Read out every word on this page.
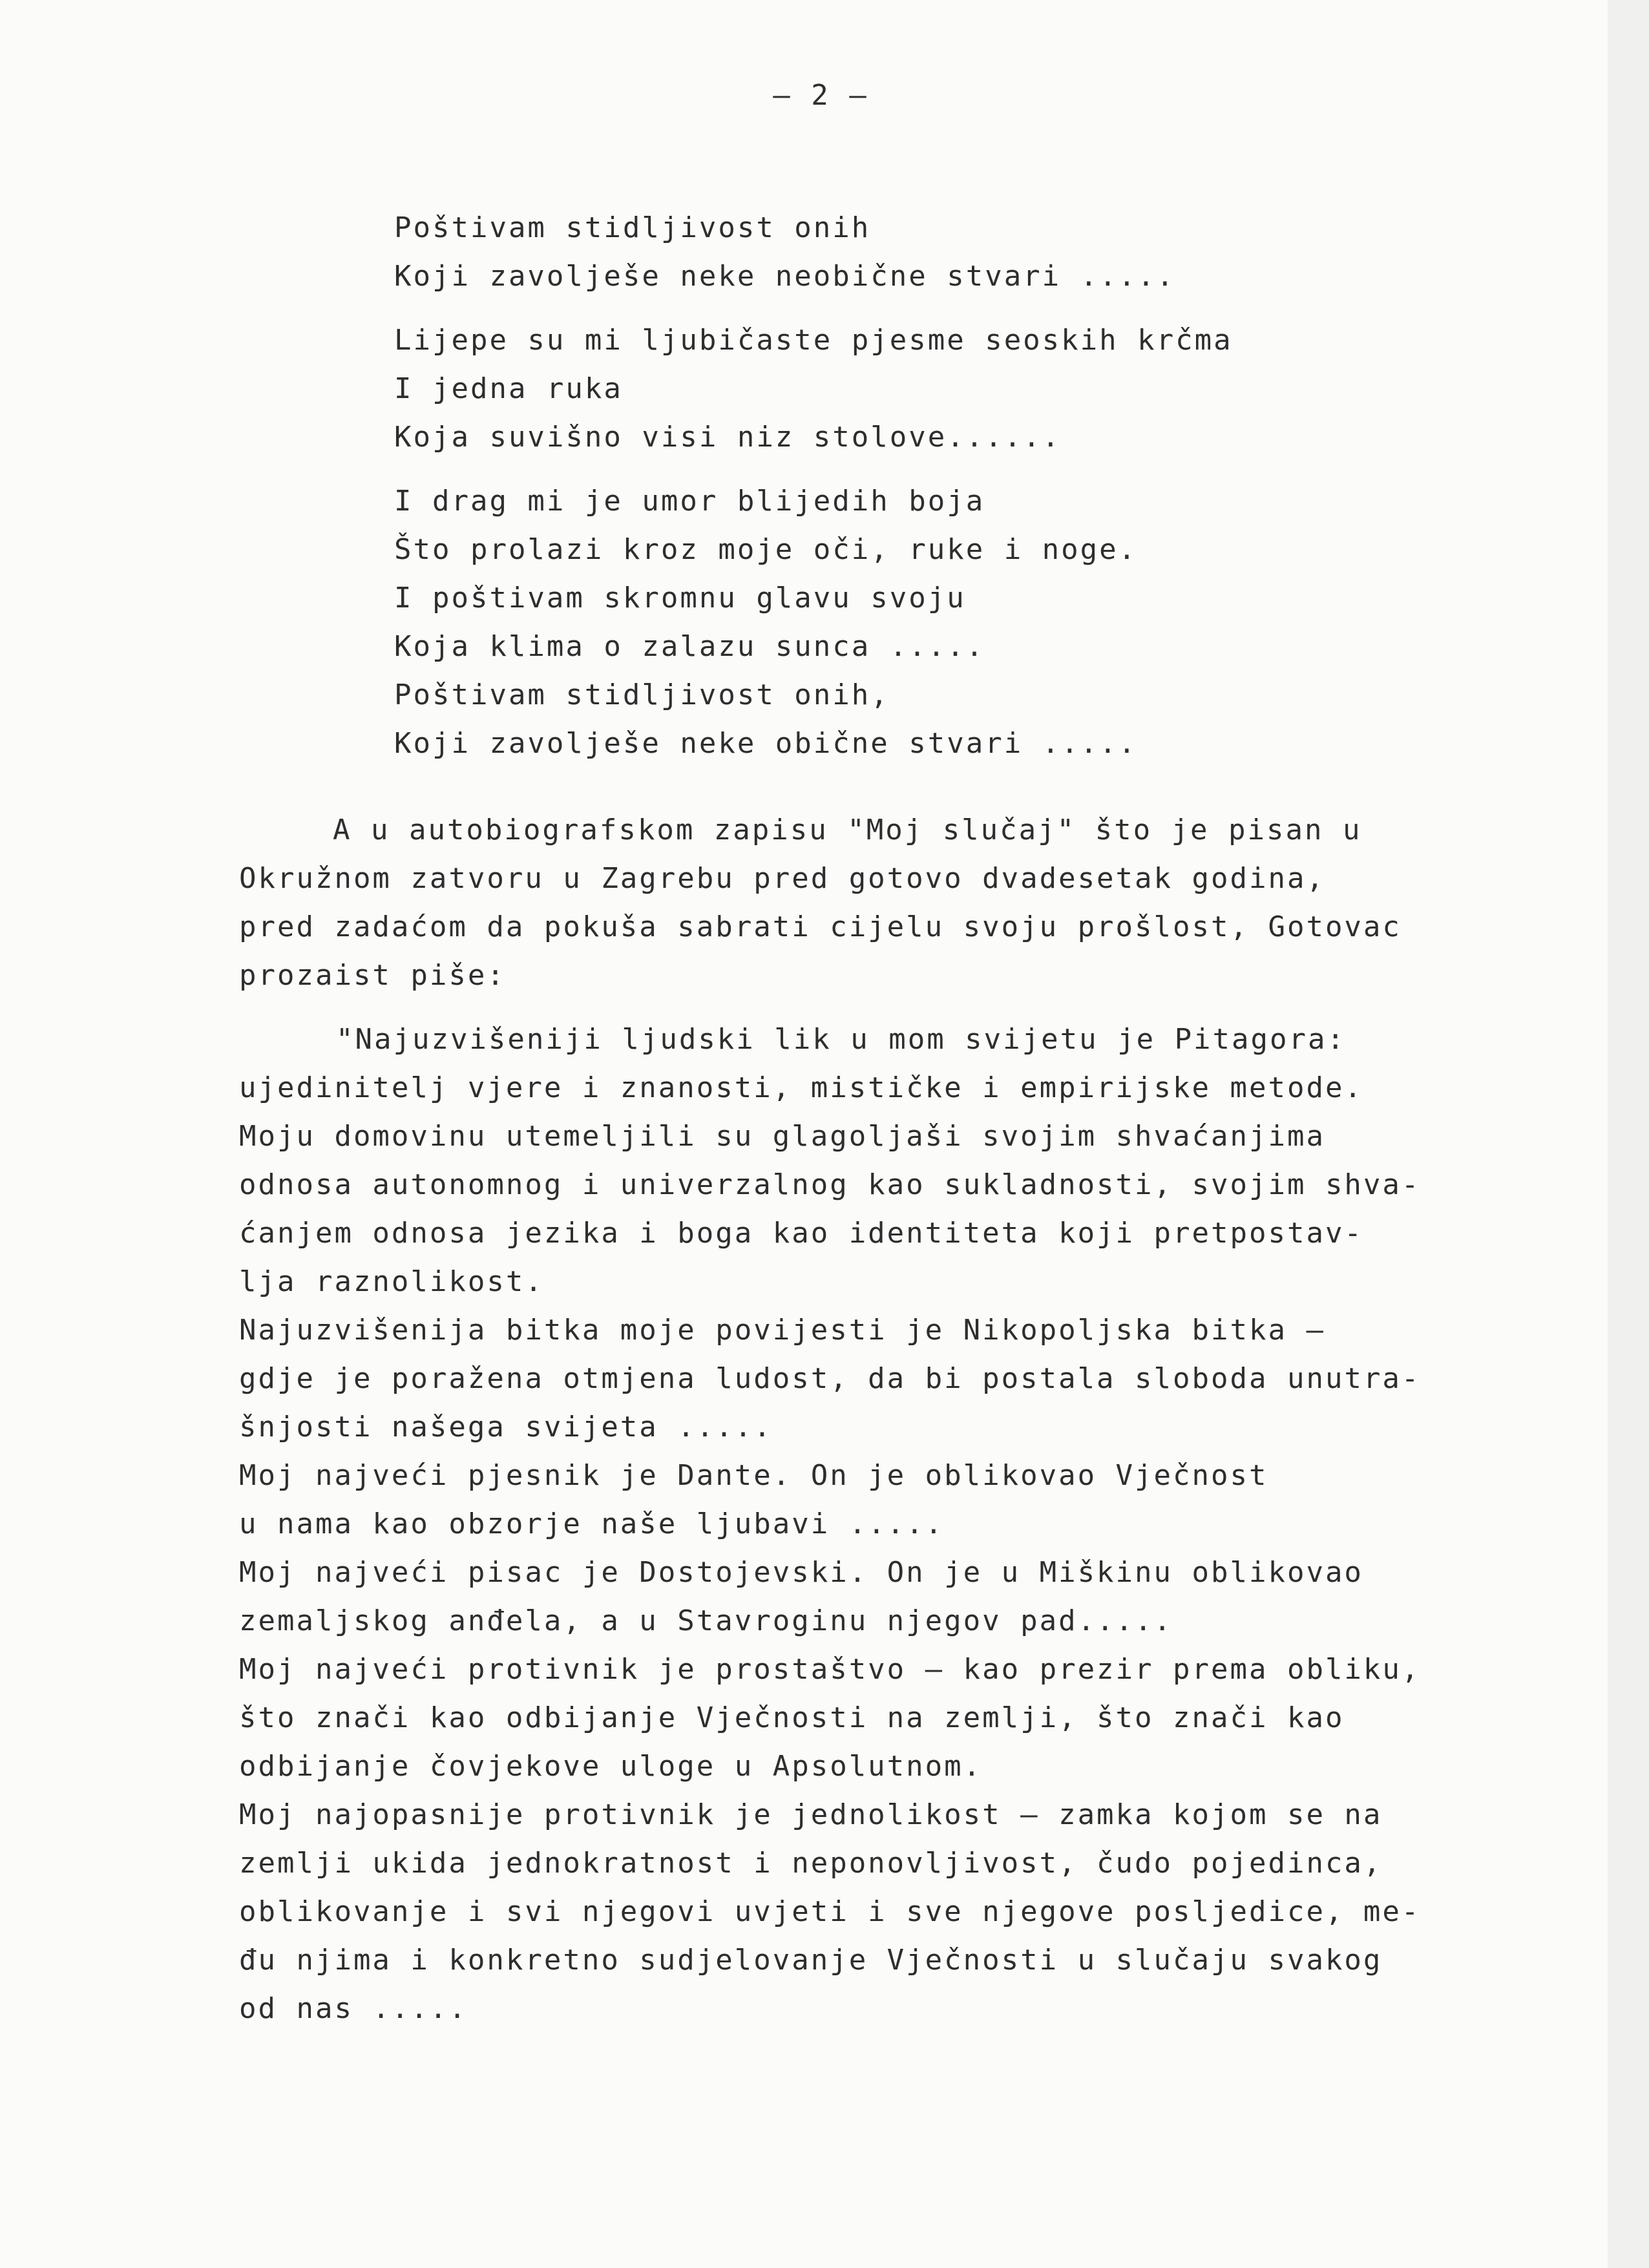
— 2 —
Poštivam stidljivost onih
Koji zavolješe neke neobične stvari .....
Lijepe su mi ljubičaste pjesme seoskih krčma
I jedna ruka
Koja suvišno visi niz stolove......
I drag mi je umor blijedih boja
Što prolazi kroz moje oči, ruke i noge.
I poštivam skromnu glavu svoju
Koja klima o zalazu sunca .....
Poštivam stidljivost onih,
Koji zavolješe neke obične stvari .....
A u autobiografskom zapisu "Moj slučaj" što je pisan u
Okružnom zatvoru u Zagrebu pred gotovo dvadesetak godina,
pred zadaćom da pokuša sabrati cijelu svoju prošlost, Gotovac
prozaist piše:
"Najuzvišeniji ljudski lik u mom svijetu je Pitagora:
ujedinitelj vjere i znanosti, mističke i empirijske metode.
Moju domovinu utemeljili su glagoljaši svojim shvaćanjima
odnosa autonomnog i univerzalnog kao sukladnosti, svojim shva-
ćanjem odnosa jezika i boga kao identiteta koji pretpostav-
lja raznolikost.
Najuzvišenija bitka moje povijesti je Nikopoljska bitka —
gdje je poražena otmjena ludost, da bi postala sloboda unutra-
šnjosti našega svijeta .....
Moj najveći pjesnik je Dante. On je oblikovao Vječnost
u nama kao obzorje naše ljubavi .....
Moj najveći pisac je Dostojevski. On je u Miškinu oblikovao
zemaljskog anđela, a u Stavroginu njegov pad.....
Moj najveći protivnik je prostaštvo — kao prezir prema obliku,
što znači kao odbijanje Vječnosti na zemlji, što znači kao
odbijanje čovjekove uloge u Apsolutnom.
Moj najopasnije protivnik je jednolikost — zamka kojom se na
zemlji ukida jednokratnost i neponovljivost, čudo pojedinca,
oblikovanje i svi njegovi uvjeti i sve njegove posljedice, me-
đu njima i konkretno sudjelovanje Vječnosti u slučaju svakog
od nas .....
